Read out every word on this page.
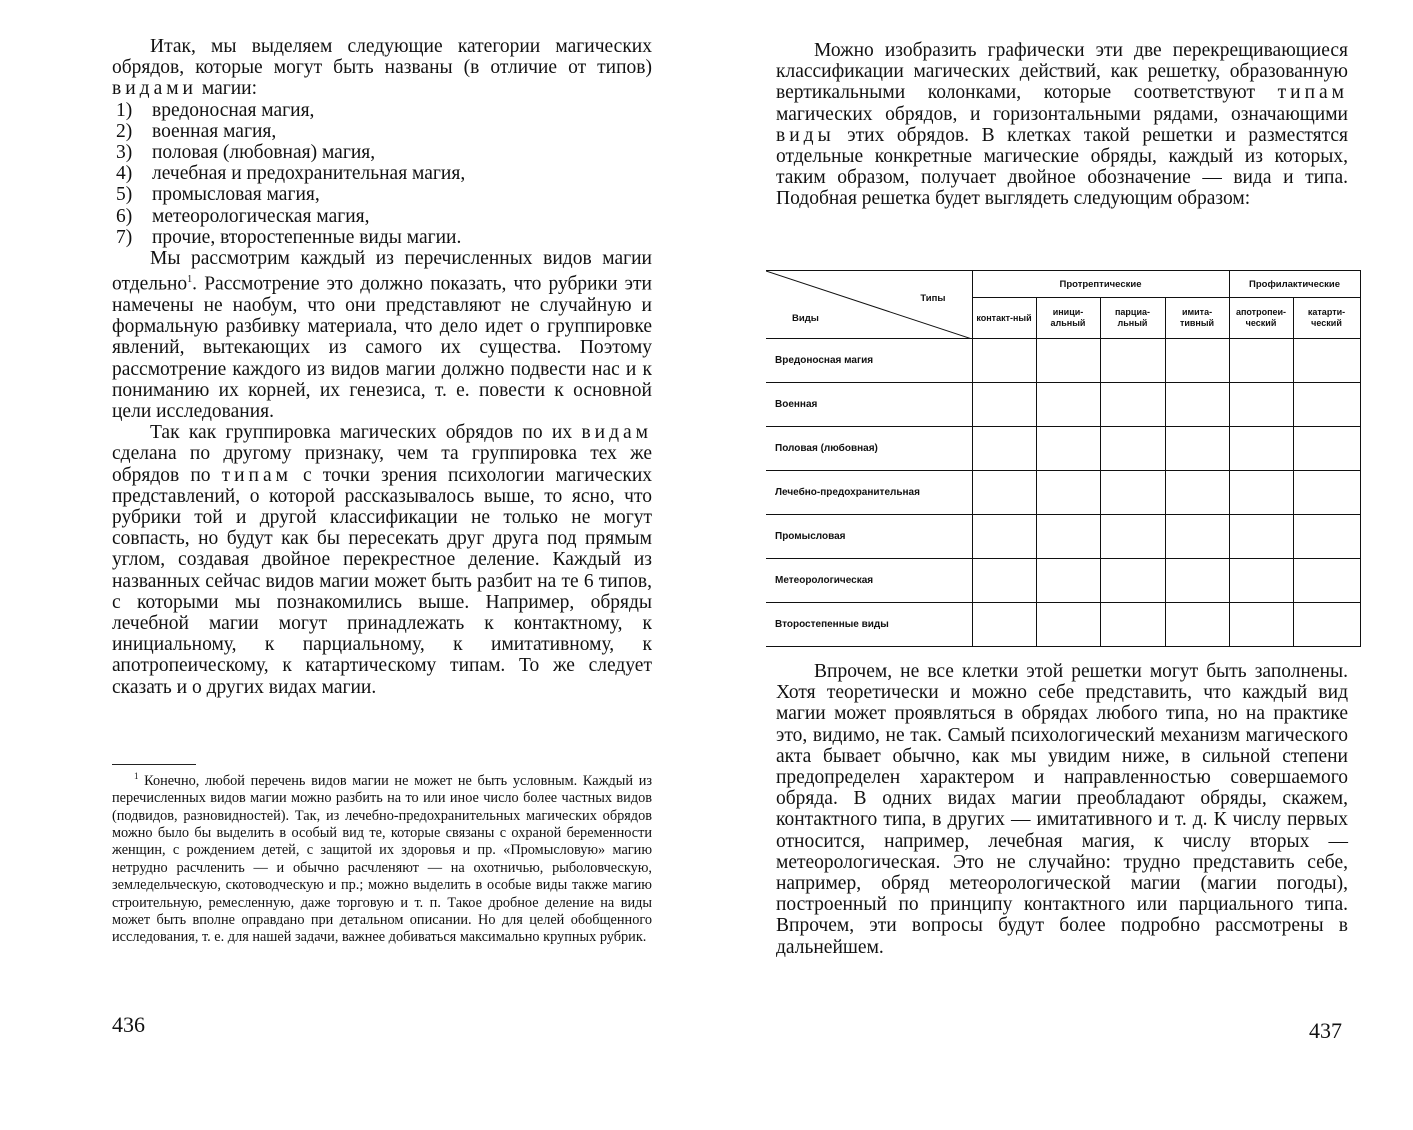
Итак, мы выделяем следующие категории магических обрядов, которые могут быть названы (в отличие от типов) видами магии:

1) вредоносная магия,
2) военная магия,
3) половая (любовная) магия,
4) лечебная и предохранительная магия,
5) промысловая магия,
6) метеорологическая магия,
7) прочие, второстепенные виды магии.

Мы рассмотрим каждый из перечисленных видов магии отдельно$^1$. Рассмотрение это должно показать, что рубрики эти намечены не наобум, что они представляют не случайную и формальную разбивку материала, что дело идет о группировке явлений, вытекающих из самого их существа. Поэтому рассмотрение каждого из видов магии должно подвести нас и к пониманию их корней, их генезиса, т. е. повести к основной цели исследования.

Так как группировка магических обрядов по их видам сделана по другому признаку, чем та группировка тех же обрядов по типам с точки зрения психологии магических представлений, о которой рассказывалось выше, то ясно, что рубрики той и другой классификации не только не могут совпасть, но будут как бы пересекать друг друга под прямым углом, создавая двойное перекрестное деление. Каждый из названных сейчас видов магии может быть разбит на те 6 типов, с которыми мы познакомились выше. Например, обряды лечебной магии могут принадлежать к контактному, к инициальному, к парциальному, к имитативному, к апотропеическому, к катартическому типам. То же следует сказать и о других видах магии.

$^1$ Конечно, любой перечень видов магии не может не быть условным. Каждый из перечисленных видов магии можно разбить на то или иное число более частных видов (подвидов, разновидностей). Так, из лечебно-предохранительных магических обрядов можно было бы выделить в особый вид те, которые связаны с охраной беременности женщин, с рождением детей, с защитой их здоровья и пр. «Промысловую» магию нетрудно расчленить — и обычно расчленяют — на охотничью, рыболовческую, земледельческую, скотоводческую и пр.; можно выделить в особые виды также магию строительную, ремесленную, даже торговую и т. п. Такое дробное деление на виды может быть вполне оправдано при детальном описании. Но для целей обобщенного исследования, т. е. для нашей задачи, важнее добиваться максимально крупных рубрик.

436

Можно изобразить графически эти две перекрещивающиеся классификации магических действий, как решетку, образованную вертикальными колонками, которые соответствуют типам магических обрядов, и горизонтальными рядами, означающими виды этих обрядов. В клетках такой решетки и разместятся отдельные конкретные магические обряды, каждый из которых, таким образом, получает двойное обозначение — вида и типа. Подобная решетка будет выглядеть следующим образом:

Типы
Виды	Протрептические				Профилактические	
	контакт-ный	иници-альный	парциа-льный	имита-тивный	апотропеи-ческий	катарти-ческий
Вредоносная магия						
Военная						
Половая (любовная)						
Лечебно-предохранительная						
Промысловая						
Метеорологическая						
Второстепенные виды						

Впрочем, не все клетки этой решетки могут быть заполнены. Хотя теоретически и можно себе представить, что каждый вид магии может проявляться в обрядах любого типа, но на практике это, видимо, не так. Самый психологический механизм магического акта бывает обычно, как мы увидим ниже, в сильной степени предопределен характером и направленностью совершаемого обряда. В одних видах магии преобладают обряды, скажем, контактного типа, в других — имитативного и т. д. К числу первых относится, например, лечебная магия, к числу вторых — метеорологическая. Это не случайно: трудно представить себе, например, обряд метеорологической магии (магии погоды), построенный по принципу контактного или парциального типа. Впрочем, эти вопросы будут более подробно рассмотрены в дальнейшем.

437
